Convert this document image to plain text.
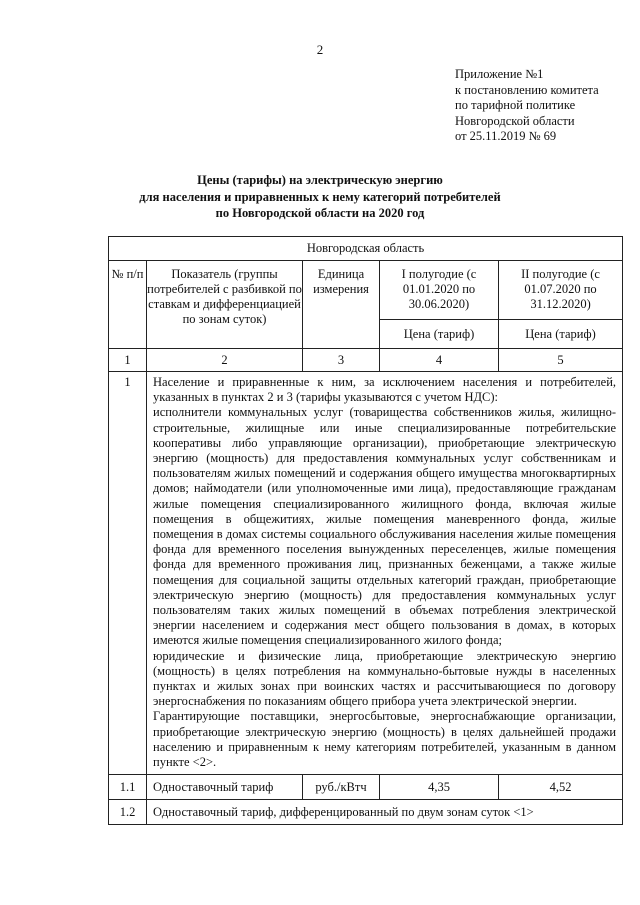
2
Приложение №1
к постановлению комитета
по тарифной политике
Новгородской области
от 25.11.2019 № 69
Цены (тарифы) на электрическую энергию
для населения и приравненных к нему категорий потребителей
по Новгородской области на 2020 год
Новгородская область				
№ п/п	Показатель (группы потребителей с разбивкой по ставкам и дифференциацией по зонам суток)	Единица измерения	I полугодие (с 01.01.2020 по 30.06.2020)	II полугодие (с 01.07.2020 по 31.12.2020)
			Цена (тариф)	Цена (тариф)
1	2	3	4	5
1	Население и приравненные к ним, за исключением населения и потребителей, указанных в пунктах 2 и 3 (тарифы указываются с учетом НДС):

исполнители коммунальных услуг (товарищества собственников жилья, жилищно-строительные, жилищные или иные специализированные потребительские кооперативы либо управляющие организации), приобретающие электрическую энергию (мощность) для предоставления коммунальных услуг собственникам и пользователям жилых помещений и содержания общего имущества многоквартирных домов; наймодатели (или уполномоченные ими лица), предоставляющие гражданам жилые помещения специализированного жилищного фонда, включая жилые помещения в общежитиях, жилые помещения маневренного фонда, жилые помещения в домах системы социального обслуживания населения жилые помещения фонда для временного поселения вынужденных переселенцев, жилые помещения фонда для временного проживания лиц, признанных беженцами, а также жилые помещения для социальной защиты отдельных категорий граждан, приобретающие электрическую энергию (мощность) для предоставления коммунальных услуг пользователям таких жилых помещений в объемах потребления электрической энергии населением и содержания мест общего пользования в домах, в которых имеются жилые помещения специализированного жилого фонда;

юридические и физические лица, приобретающие электрическую энергию (мощность) в целях потребления на коммунально-бытовые нужды в населенных пунктах и жилых зонах при воинских частях и рассчитывающиеся по договору энергоснабжения по показаниям общего прибора учета электрической энергии.

Гарантирующие поставщики, энергосбытовые, энергоснабжающие организации, приобретающие электрическую энергию (мощность) в целях дальнейшей продажи населению и приравненным к нему категориям потребителей, указанным в данном пункте <2>.			

1.1	Одноставочный тариф	руб./кВтч	4,35	4,52
1.2	Одноставочный тариф, дифференцированный по двум зонам суток <1>			
